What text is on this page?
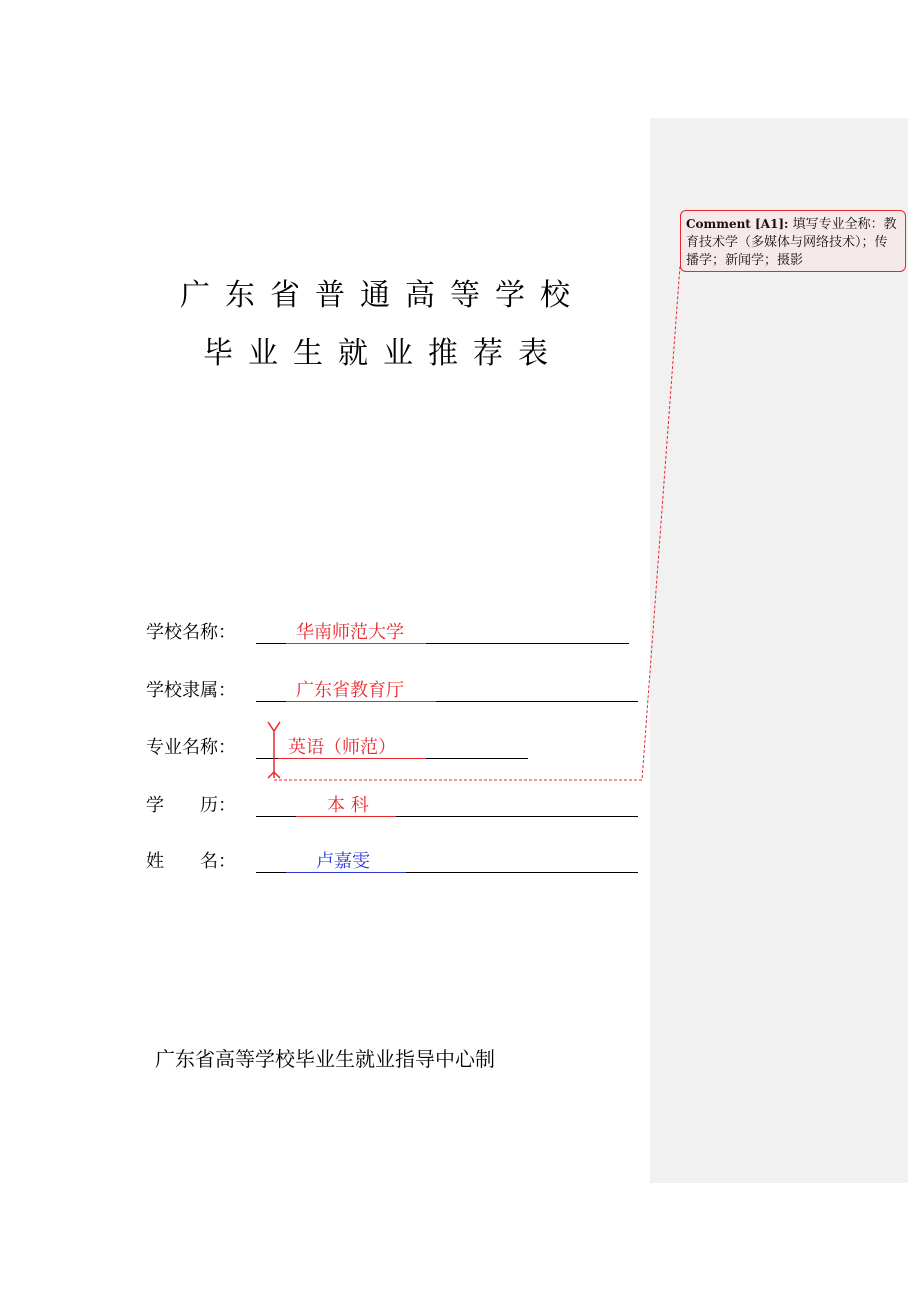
广东省普通高等学校
毕业生就业推荐表
学校名称：	华南师范大学
学校隶属：	广东省教育厅
专业名称：	英语（师范）
学　　历：	本 科
姓　　名：	卢嘉雯
广东省高等学校毕业生就业指导中心制
Comment [A1]: 填写专业全称：教育技术学（多媒体与网络技术）；传播学；新闻学；摄影
